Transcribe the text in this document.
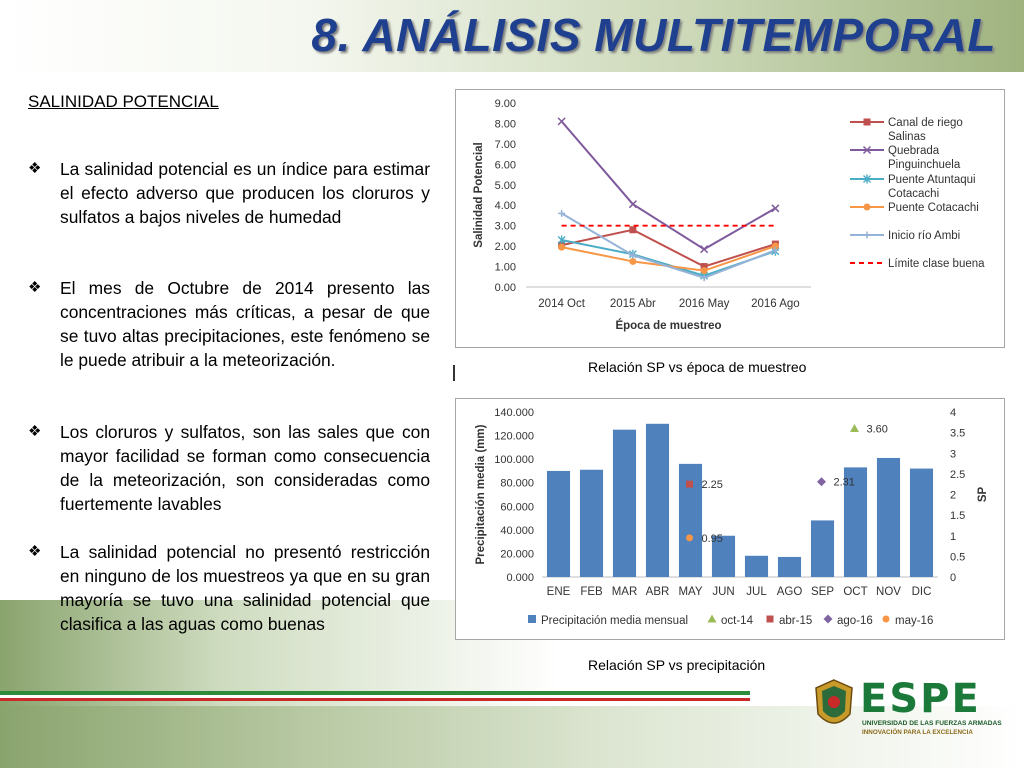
8. ANÁLISIS MULTITEMPORAL
SALINIDAD POTENCIAL
❖	La salinidad potencial es un índice para estimar el efecto adverso que producen los cloruros y sulfatos a bajos niveles de humedad
❖	El mes de Octubre de 2014 presento las concentraciones más críticas, a pesar de que se tuvo altas precipitaciones, este fenómeno se le puede atribuir a la meteorización.
❖	Los cloruros y sulfatos, son las sales que con mayor facilidad se forman como consecuencia de la meteorización, son consideradas como fuertemente lavables
❖	La salinidad potencial no presentó restricción en ninguno de los muestreos ya que en su gran mayoría se tuvo una salinidad potencial que clasifica a las aguas como buenas
0.00
1.00
2.00
3.00
4.00
5.00
6.00
7.00
8.00
9.00
2014 Oct 2015 Abr 2016 May 2016 Ago
Época de muestreo
Salinidad Potencial
Canal de riego Salinas
Quebrada Pinguinchuela
Puente Atuntaqui Cotacachi
Puente Cotacachi
Inicio río Ambi
Límite clase buena
Relación SP vs época de muestreo
0.000
20.000
40.000
60.000
80.000
100.000
120.000
140.000
0
0.5
1
1.5
2
2.5
3
3.5
4
ENE FEB MAR ABR MAY JUN JUL AGO SEP OCT NOV DIC
Precipitación media (mm)	SP
3.60
2.25	2.31
0.95
Precipitación media mensual	oct-14 abr-15 ago-16 may-16
Relación SP vs precipitación
ESPE
UNIVERSIDAD DE LAS FUERZAS ARMADAS
INNOVACIÓN PARA LA EXCELENCIA
